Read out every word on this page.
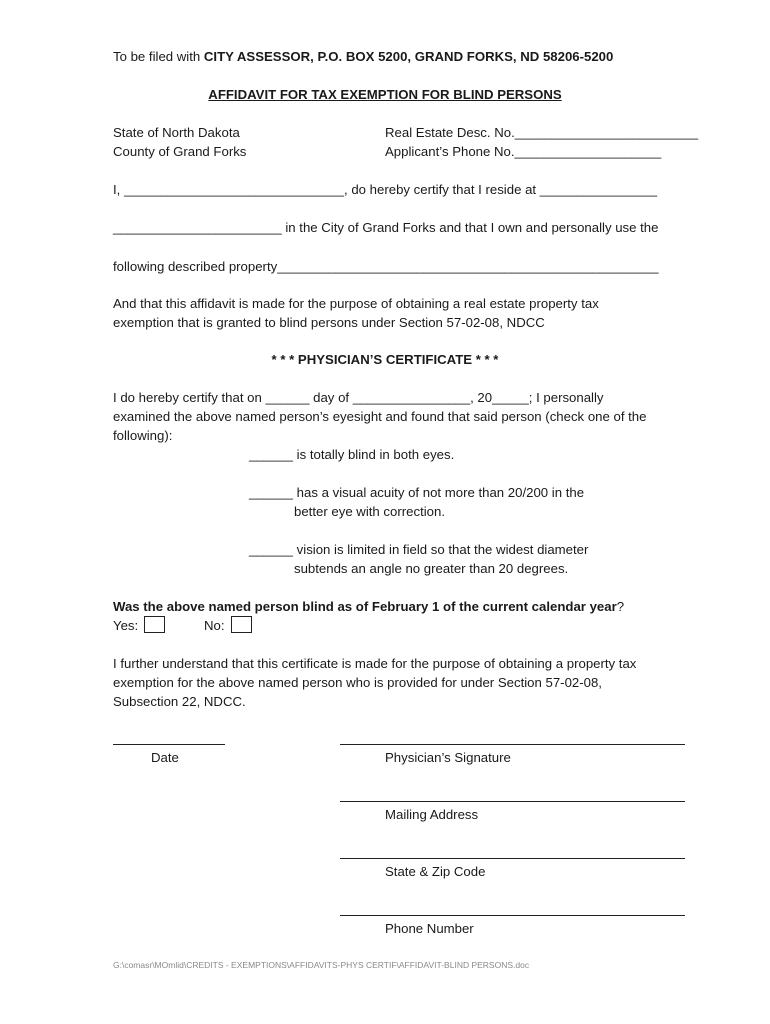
To be filed with CITY ASSESSOR, P.O. BOX 5200, GRAND FORKS, ND 58206-5200
AFFIDAVIT FOR TAX EXEMPTION FOR BLIND PERSONS
State of North Dakota
County of Grand Forks
Real Estate Desc. No._________________________
Applicant’s Phone No.____________________
I, ______________________________, do hereby certify that I reside at ________________
_______________________ in the City of Grand Forks and that I own and personally use the
following described property____________________________________________________
And that this affidavit is made for the purpose of obtaining a real estate property tax
exemption that is granted to blind persons under Section 57-02-08, NDCC
* * * PHYSICIAN’S CERTIFICATE * * *
I do hereby certify that on ______ day of ________________, 20_____; I personally
examined the above named person’s eyesight and found that said person (check one of the
following):
______ is totally blind in both eyes.
______ has a visual acuity of not more than 20/200 in the
better eye with correction.
______ vision is limited in field so that the widest diameter
subtends an angle no greater than 20 degrees.
Was the above named person blind as of February 1 of the current calendar year?
Yes:	No:
I further understand that this certificate is made for the purpose of obtaining a property tax
exemption for the above named person who is provided for under Section 57-02-08,
Subsection 22, NDCC.
Date	Physician’s Signature
Mailing Address
State & Zip Code
Phone Number
G:\comasr\MOmlid\CREDITS - EXEMPTIONS\AFFIDAVITS-PHYS CERTIF\AFFIDAVIT-BLIND PERSONS.doc
